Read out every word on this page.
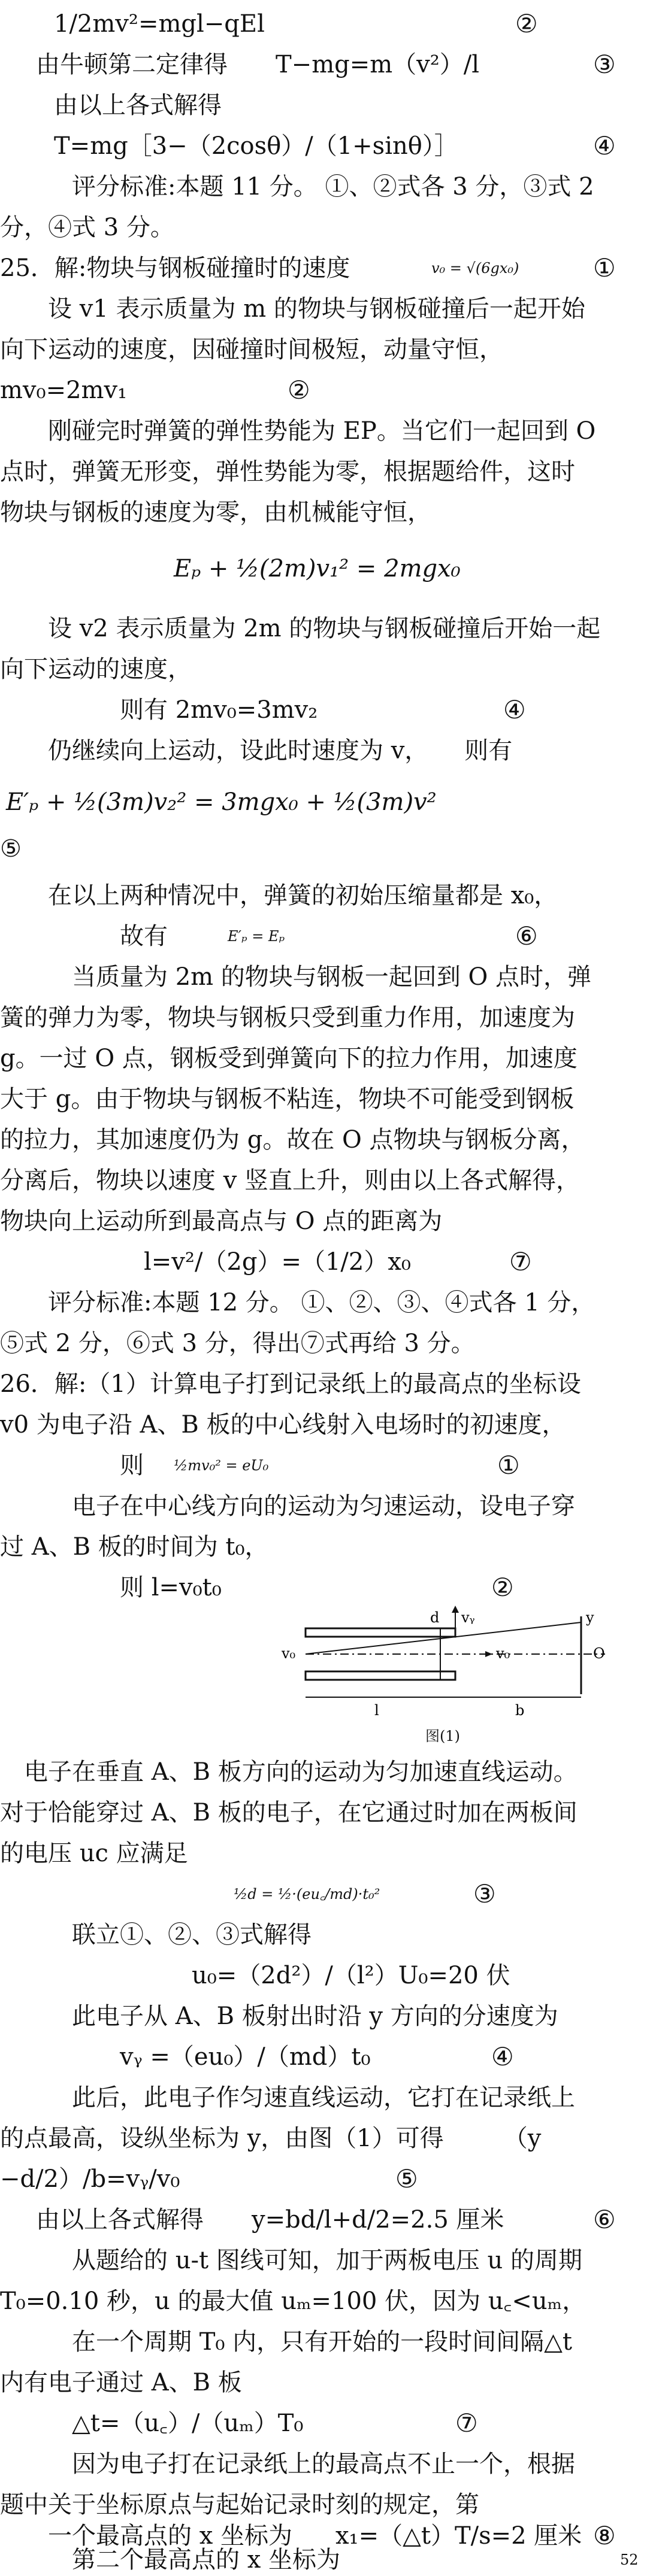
1/2mv²=mgl−qEl	②
由牛顿第二定律得　　T−mg=m（v²）/l	③
由以上各式解得
T=mg［3−（2cosθ）/（1+sinθ）］	④
评分标准:本题 11 分。 ①、②式各 3 分，③式 2
分，④式 3 分。
25．解:物块与钢板碰撞时的速度	v₀ = √(6gx₀)	①
设 v1 表示质量为 m 的物块与钢板碰撞后一起开始
向下运动的速度，因碰撞时间极短，动量守恒，
mv₀=2mv₁	②
刚碰完时弹簧的弹性势能为 EP。当它们一起回到 O
点时，弹簧无形变，弹性势能为零，根据题给件，这时
物块与钢板的速度为零，由机械能守恒，
Eₚ + ½(2m)v₁² = 2mgx₀
设 v2 表示质量为 2m 的物块与钢板碰撞后开始一起
向下运动的速度，
则有 2mv₀=3mv₂	④
仍继续向上运动，设此时速度为 v，　　则有
E′ₚ + ½(3m)v₂² = 3mgx₀ + ½(3m)v²
⑤
在以上两种情况中，弹簧的初始压缩量都是 x₀，
故有	E′ₚ = Eₚ	⑥
当质量为 2m 的物块与钢板一起回到 O 点时，弹
簧的弹力为零，物块与钢板只受到重力作用，加速度为
g。一过 O 点，钢板受到弹簧向下的拉力作用，加速度
大于 g。由于物块与钢板不粘连，物块不可能受到钢板
的拉力，其加速度仍为 g。故在 O 点物块与钢板分离，
分离后，物块以速度 v 竖直上升，则由以上各式解得，
物块向上运动所到最高点与 O 点的距离为
l=v²/（2g）=（1/2）x₀	⑦
评分标准:本题 12 分。 ①、②、③、④式各 1 分，
⑤式 2 分，⑥式 3 分，得出⑦式再给 3 分。
26．解:（1）计算电子打到记录纸上的最高点的坐标设
v0 为电子沿 A、B 板的中心线射入电场时的初速度，
则 ½mv₀² = eU₀	①
电子在中心线方向的运动为匀速运动，设电子穿
过 A、B 板的时间为 t₀，
则 l=v₀t₀	②
d vᵧ	y
v₀	v₀	O
l	b
图(1)
电子在垂直 A、B 板方向的运动为匀加速直线运动。
对于恰能穿过 A、B 板的电子，在它通过时加在两板间
的电压 uc 应满足
½d = ½·(eu꜀/md)·t₀²	③
联立①、②、③式解得
u₀=（2d²）/（l²）U₀=20 伏
此电子从 A、B 板射出时沿 y 方向的分速度为
vᵧ =（eu₀）/（md）t₀	④
此后，此电子作匀速直线运动，它打在记录纸上
的点最高，设纵坐标为 y，由图（1）可得　　　（y
−d/2）/b=vᵧ/v₀	⑤
由以上各式解得　　y=bd/l+d/2=2.5 厘米	⑥
从题给的 u-t 图线可知，加于两板电压 u 的周期
T₀=0.10 秒，u 的最大值 uₘ=100 伏，因为 u꜀<uₘ，
在一个周期 T₀ 内，只有开始的一段时间间隔△t
内有电子通过 A、B 板
△t=（u꜀）/（uₘ）T₀	⑦
因为电子打在记录纸上的最高点不止一个，根据
题中关于坐标原点与起始记录时刻的规定，第
一个最高点的 x 坐标为 x₁=（△t）T/s=2 厘米 ⑧
第二个最高点的 x 坐标为	52
